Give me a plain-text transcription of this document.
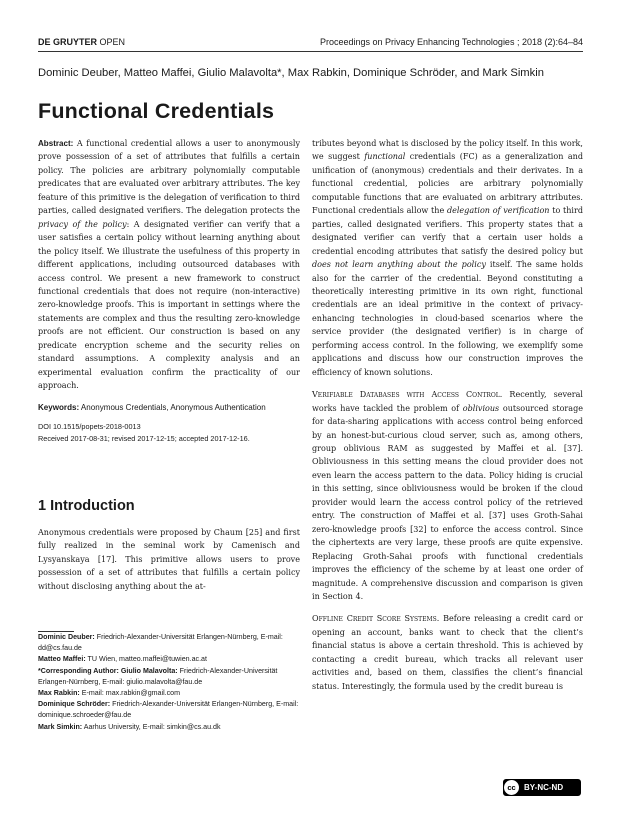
DE GRUYTER OPEN	Proceedings on Privacy Enhancing Technologies ; 2018 (2):64–84
Dominic Deuber, Matteo Maffei, Giulio Malavolta*, Max Rabkin, Dominique Schröder, and Mark Simkin
Functional Credentials

Abstract: A functional credential allows a user to anonymously prove possession of a set of attributes that fulfills a certain policy. The policies are arbitrary polynomially computable predicates that are evaluated over arbitrary attributes. The key feature of this primitive is the delegation of verification to third parties, called designated verifiers. The delegation protects the privacy of the policy: A designated verifier can verify that a user satisfies a certain policy without learning anything about the policy itself. We illustrate the usefulness of this property in different applications, including outsourced databases with access control. We present a new framework to construct functional credentials that does not require (non-interactive) zero-knowledge proofs. This is important in settings where the statements are complex and thus the resulting zero-knowledge proofs are not efficient. Our construction is based on any predicate encryption scheme and the security relies on standard assumptions. A complexity analysis and an experimental evaluation confirm the practicality of our approach.

Keywords: Anonymous Credentials, Anonymous Authentication

DOI 10.1515/popets-2018-0013

Received 2017-08-31; revised 2017-12-15; accepted 2017-12-16.

1 Introduction
Anonymous credentials were proposed by Chaum [25] and first fully realized in the seminal work by Camenisch and Lysyanskaya [17]. This primitive allows users to prove possession of a set of attributes that fulfills a certain policy without disclosing anything about the at-

Dominic Deuber: Friedrich-Alexander-Universität Erlangen-Nürnberg, E-mail: dd@cs.fau.de

Matteo Maffei: TU Wien, matteo.maffei@tuwien.ac.at

*Corresponding Author: Giulio Malavolta: Friedrich-Alexander-Universität Erlangen-Nürnberg, E-mail: giulio.malavolta@fau.de

Max Rabkin: E-mail: max.rabkin@gmail.com

Dominique Schröder: Friedrich-Alexander-Universität Erlangen-Nürnberg, E-mail: dominique.schroeder@fau.de

Mark Simkin: Aarhus University, E-mail: simkin@cs.au.dk

tributes beyond what is disclosed by the policy itself. In this work, we suggest functional credentials (FC) as a generalization and unification of (anonymous) credentials and their derivates. In a functional credential, policies are arbitrary polynomially computable functions that are evaluated on arbitrary attributes. Functional credentials allow the delegation of verification to third parties, called designated verifiers. This property states that a designated verifier can verify that a certain user holds a credential encoding attributes that satisfy the desired policy but does not learn anything about the policy itself. The same holds also for the carrier of the credential. Beyond constituting a theoretically interesting primitive in its own right, functional credentials are an ideal primitive in the context of privacy-enhancing technologies in cloud-based scenarios where the service provider (the designated verifier) is in charge of performing access control. In the following, we exemplify some applications and discuss how our construction improves the efficiency of known solutions.

Verifiable Databases with Access Control. Recently, several works have tackled the problem of oblivious outsourced storage for data-sharing applications with access control being enforced by an honest-but-curious cloud server, such as, among others, group oblivious RAM as suggested by Maffei et al. [37]. Obliviousness in this setting means the cloud provider does not even learn the access pattern to the data. Policy hiding is crucial in this setting, since obliviousness would be broken if the cloud provider would learn the access control policy of the retrieved entry. The construction of Maffei et al. [37] uses Groth-Sahai zero-knowledge proofs [32] to enforce the access control. Since the ciphertexts are very large, these proofs are quite expensive. Replacing Groth-Sahai proofs with functional credentials improves the efficiency of the scheme by at least one order of magnitude. A comprehensive discussion and comparison is given in Section 4.

Offline Credit Score Systems. Before releasing a credit card or opening an account, banks want to check that the client’s financial status is above a certain threshold. This is achieved by contacting a credit bureau, which tracks all relevant user activities and, based on them, classifies the client’s financial status. Interestingly, the formula used by the credit bureau is

cc	BY-NC-ND
